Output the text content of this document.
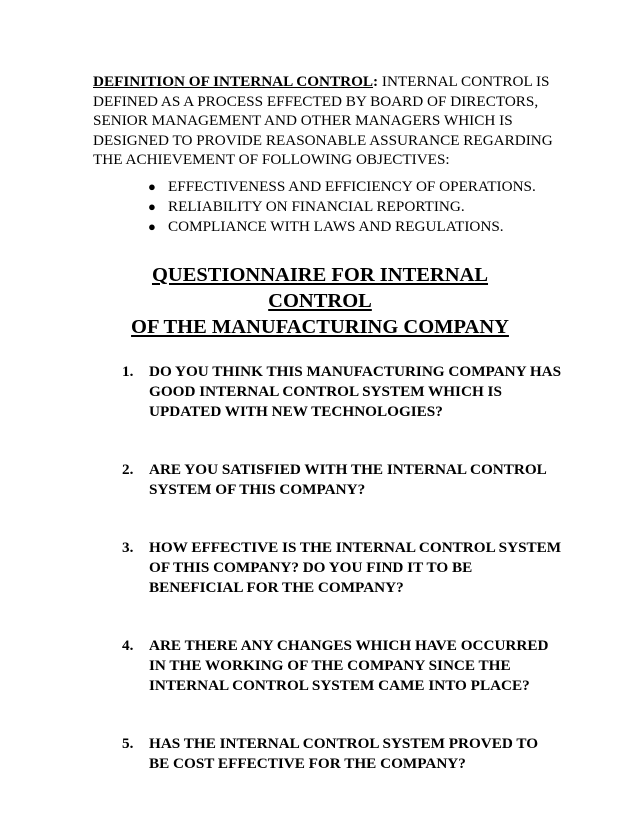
DEFINITION OF INTERNAL CONTROL: INTERNAL CONTROL IS DEFINED AS A PROCESS EFFECTED BY BOARD OF DIRECTORS, SENIOR MANAGEMENT AND OTHER MANAGERS WHICH IS DESIGNED TO PROVIDE REASONABLE ASSURANCE REGARDING THE ACHIEVEMENT OF FOLLOWING OBJECTIVES:

● EFFECTIVENESS AND EFFICIENCY OF OPERATIONS.
● RELIABILITY ON FINANCIAL REPORTING.
● COMPLIANCE WITH LAWS AND REGULATIONS.
QUESTIONNAIRE FOR INTERNAL CONTROL
OF THE MANUFACTURING COMPANY
1. DO YOU THINK THIS MANUFACTURING COMPANY HAS GOOD INTERNAL CONTROL SYSTEM WHICH IS UPDATED WITH NEW TECHNOLOGIES?
2. ARE YOU SATISFIED WITH THE INTERNAL CONTROL SYSTEM OF THIS COMPANY?
3. HOW EFFECTIVE IS THE INTERNAL CONTROL SYSTEM OF THIS COMPANY? DO YOU FIND IT TO BE BENEFICIAL FOR THE COMPANY?
4. ARE THERE ANY CHANGES WHICH HAVE OCCURRED IN THE WORKING OF THE COMPANY SINCE THE INTERNAL CONTROL SYSTEM CAME INTO PLACE?
5. HAS THE INTERNAL CONTROL SYSTEM PROVED TO BE COST EFFECTIVE FOR THE COMPANY?
